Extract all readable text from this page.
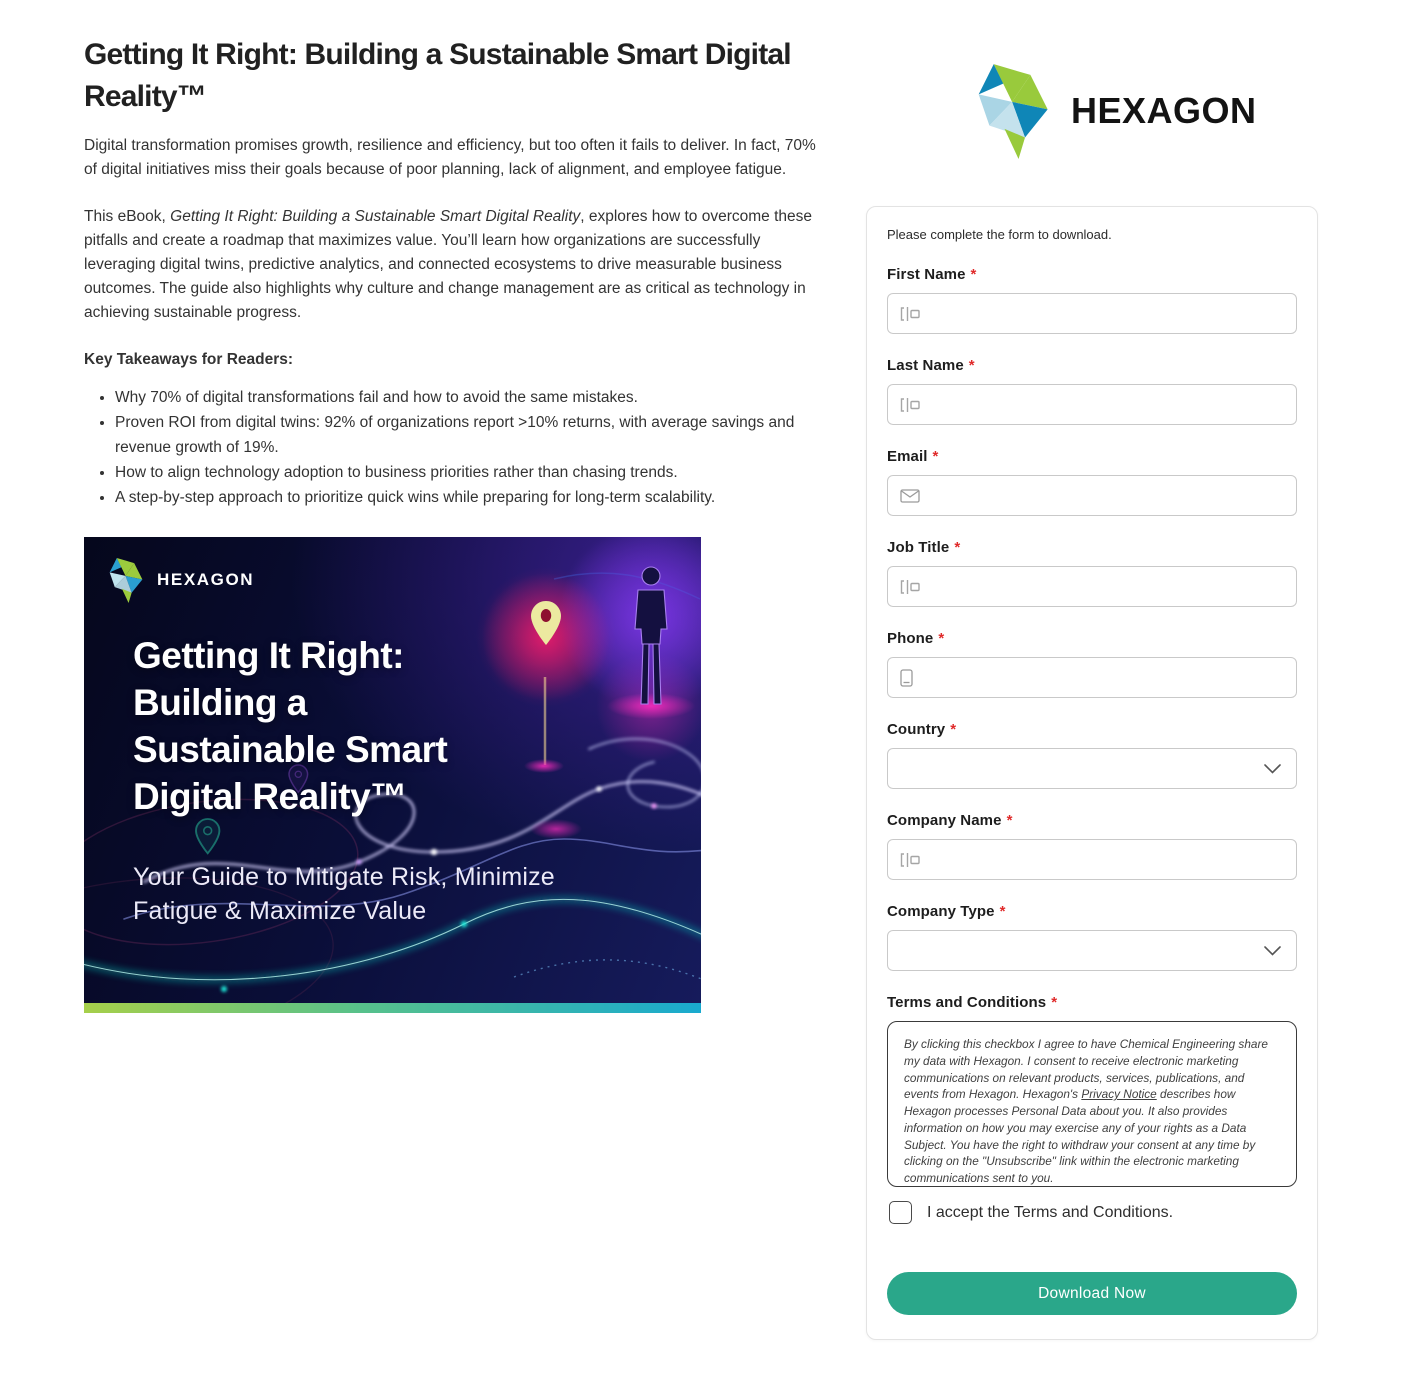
Getting It Right: Building a Sustainable Smart Digital Reality™

Digital transformation promises growth, resilience and efficiency, but too often it fails to deliver. In fact, 70% of digital initiatives miss their goals because of poor planning, lack of alignment, and employee fatigue.

This eBook, Getting It Right: Building a Sustainable Smart Digital Reality, explores how to overcome these pitfalls and create a roadmap that maximizes value. You’ll learn how organizations are successfully leveraging digital twins, predictive analytics, and connected ecosystems to drive measurable business outcomes. The guide also highlights why culture and change management are as critical as technology in achieving sustainable progress.

Key Takeaways for Readers:

• Why 70% of digital transformations fail and how to avoid the same mistakes.
• Proven ROI from digital twins: 92% of organizations report >10% returns, with average savings and revenue growth of 19%.
• How to align technology adoption to business priorities rather than chasing trends.
• A step-by-step approach to prioritize quick wins while preparing for long-term scalability.
HEXAGON
Getting It Right:
Building a
Sustainable Smart
Digital Reality™
Your Guide to Mitigate Risk, Minimize
Fatigue & Maximize Value
HEXAGON

Please complete the form to download.

First Name *
Last Name *
Email *
Job Title *
Phone *
Country *
Company Name *
Company Type *
Terms and Conditions *
By clicking this checkbox I agree to have Chemical Engineering share my data with Hexagon. I consent to receive electronic marketing communications on relevant products, services, publications, and events from Hexagon. Hexagon's Privacy Notice describes how Hexagon processes Personal Data about you. It also provides information on how you may exercise any of your rights as a Data Subject. You have the right to withdraw your consent at any time by clicking on the "Unsubscribe" link within the electronic marketing communications sent to you.
I accept the Terms and Conditions.
Download Now
